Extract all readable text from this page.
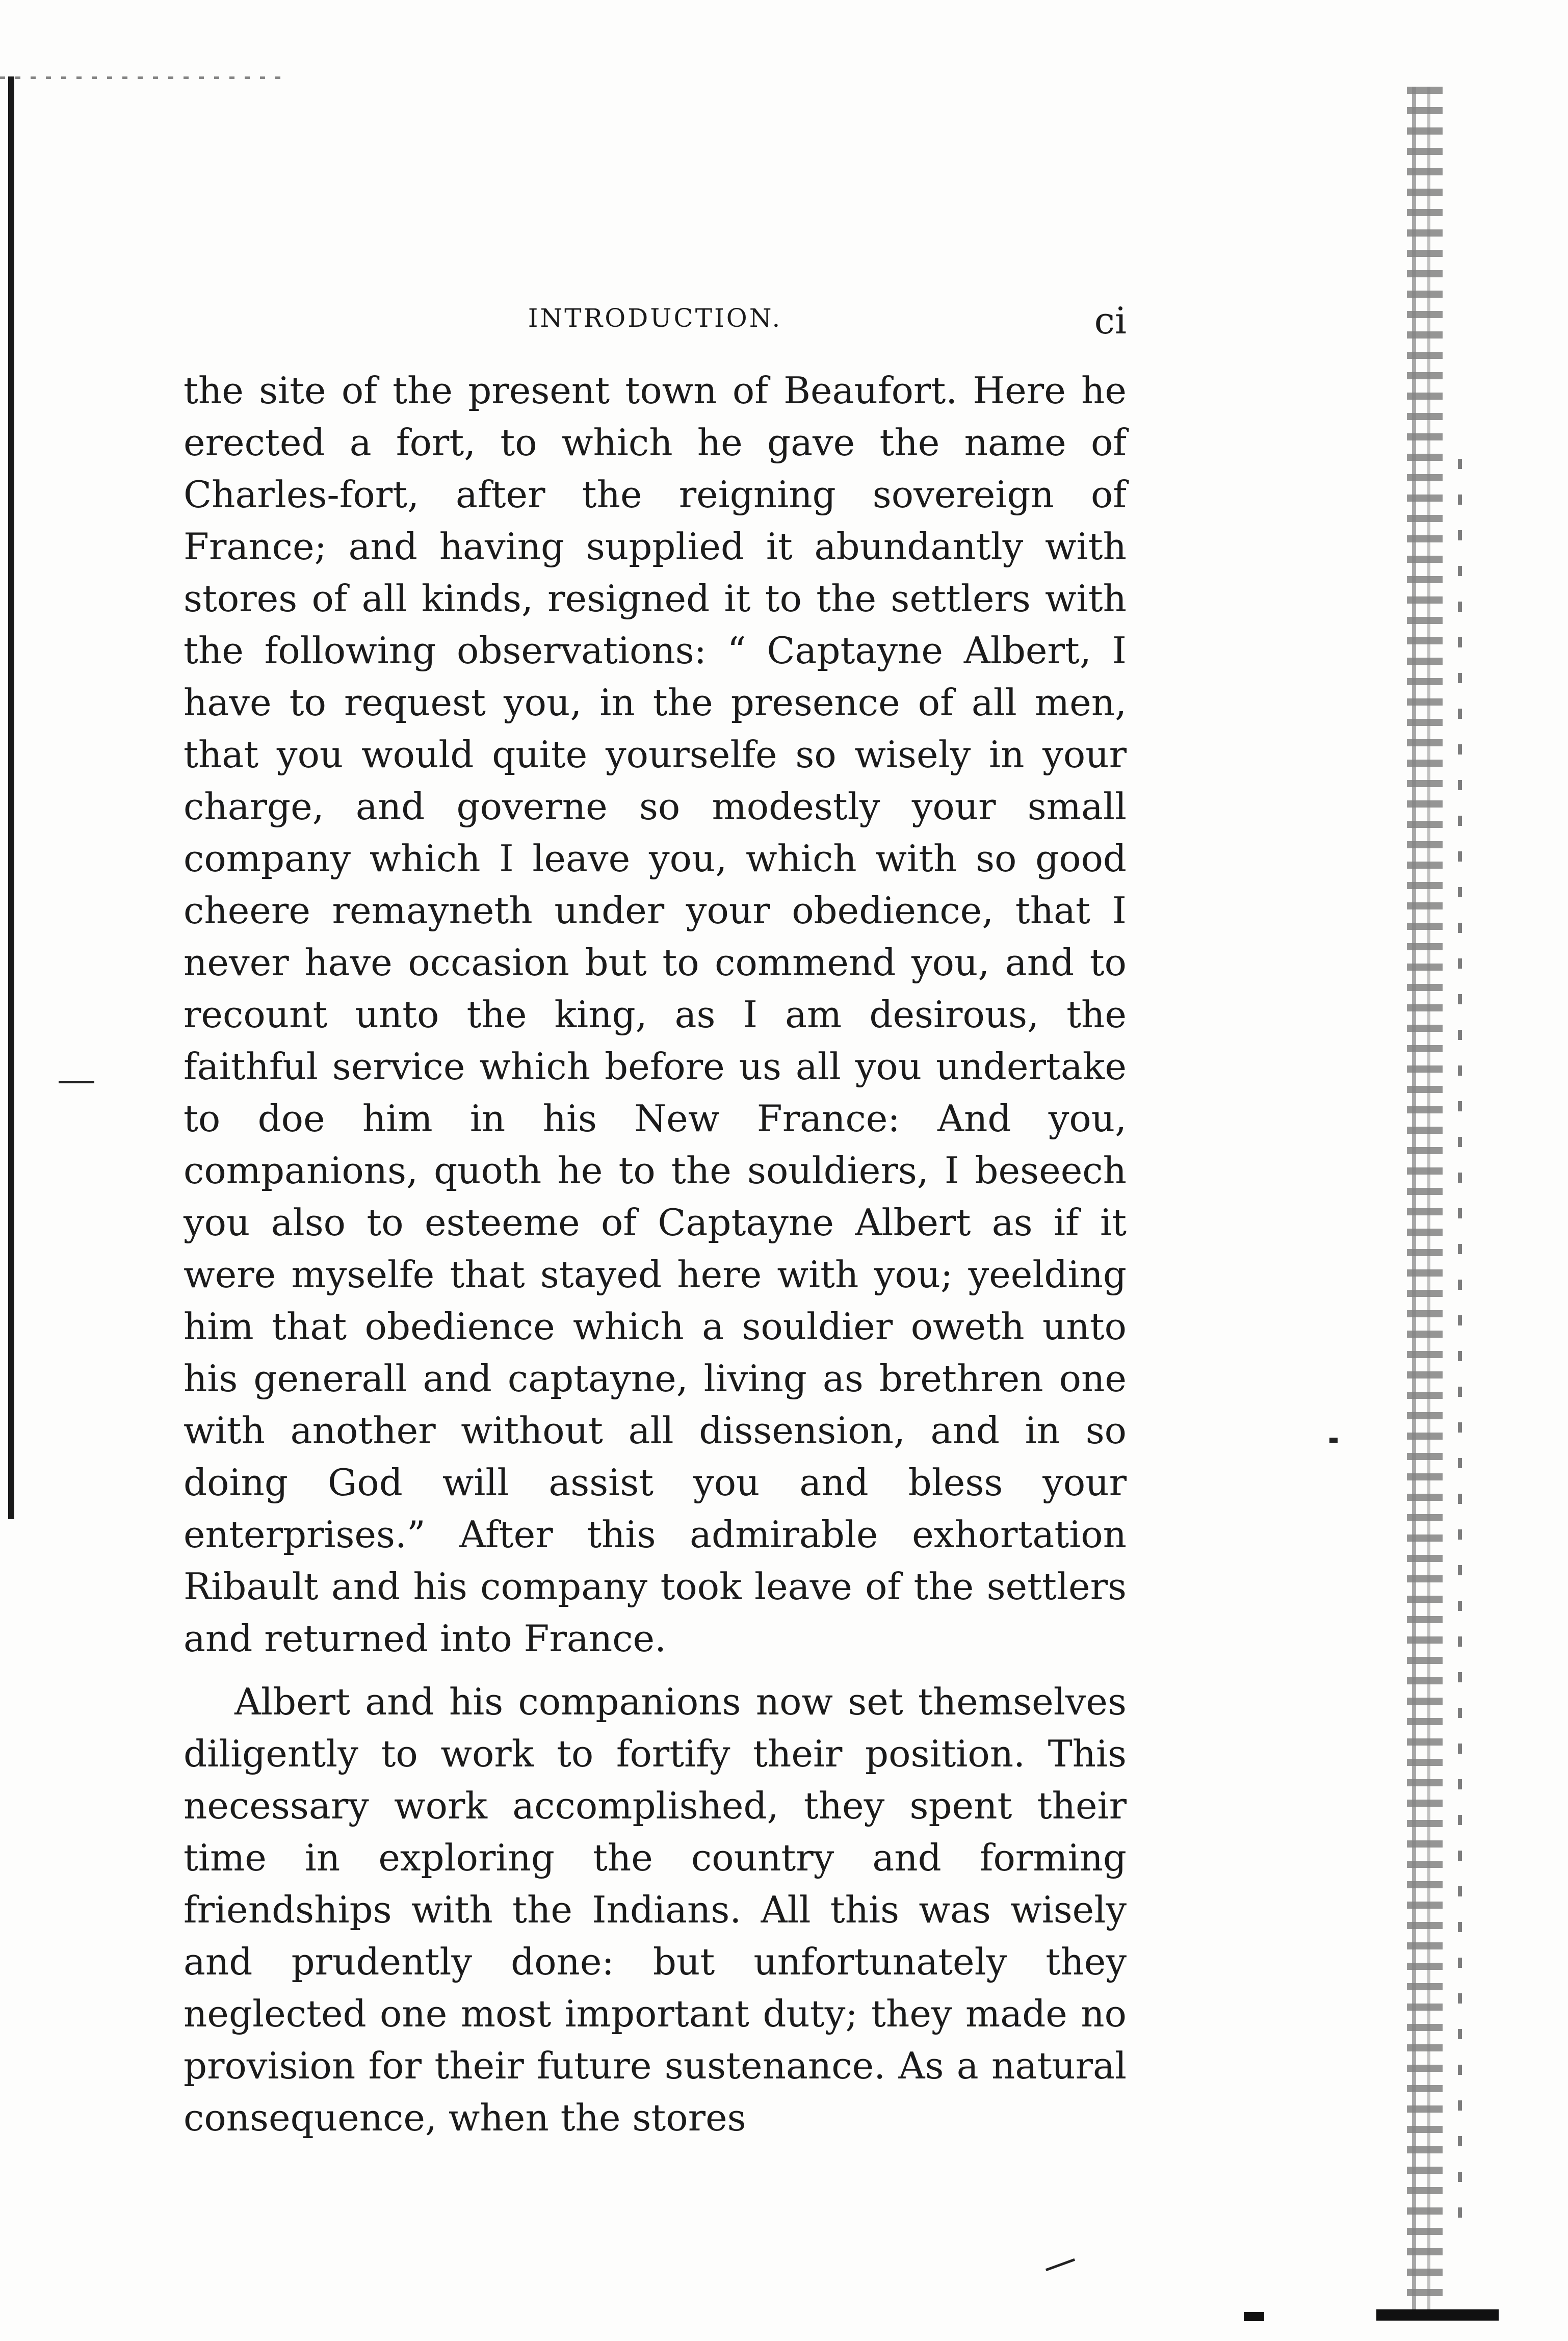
INTRODUCTION.	ci

the site of the present town of Beaufort. Here he erected a fort, to which he gave the name of Charles-fort, after the reigning sovereign of France; and having supplied it abundantly with stores of all kinds, resigned it to the settlers with the following observations: “ Captayne Albert, I have to request you, in the presence of all men, that you would quite yourselfe so wisely in your charge, and governe so modestly your small company which I leave you, which with so good cheere remayneth under your obedience, that I never have occasion but to commend you, and to recount unto the king, as I am desirous, the faithful service which before us all you undertake to doe him in his New France: And you, companions, quoth he to the souldiers, I beseech you also to esteeme of Captayne Albert as if it were myselfe that stayed here with you; yeelding him that obedience which a souldier oweth unto his generall and captayne, living as brethren one with another without all dissension, and in so doing God will assist you and bless your enterprises.” After this admirable exhortation Ribault and his company took leave of the settlers and returned into France.

Albert and his companions now set themselves diligently to work to fortify their position. This necessary work accomplished, they spent their time in exploring the country and forming friendships with the Indians. All this was wisely and prudently done: but unfortunately they neglected one most important duty; they made no provision for their future sustenance. As a natural consequence, when the stores
